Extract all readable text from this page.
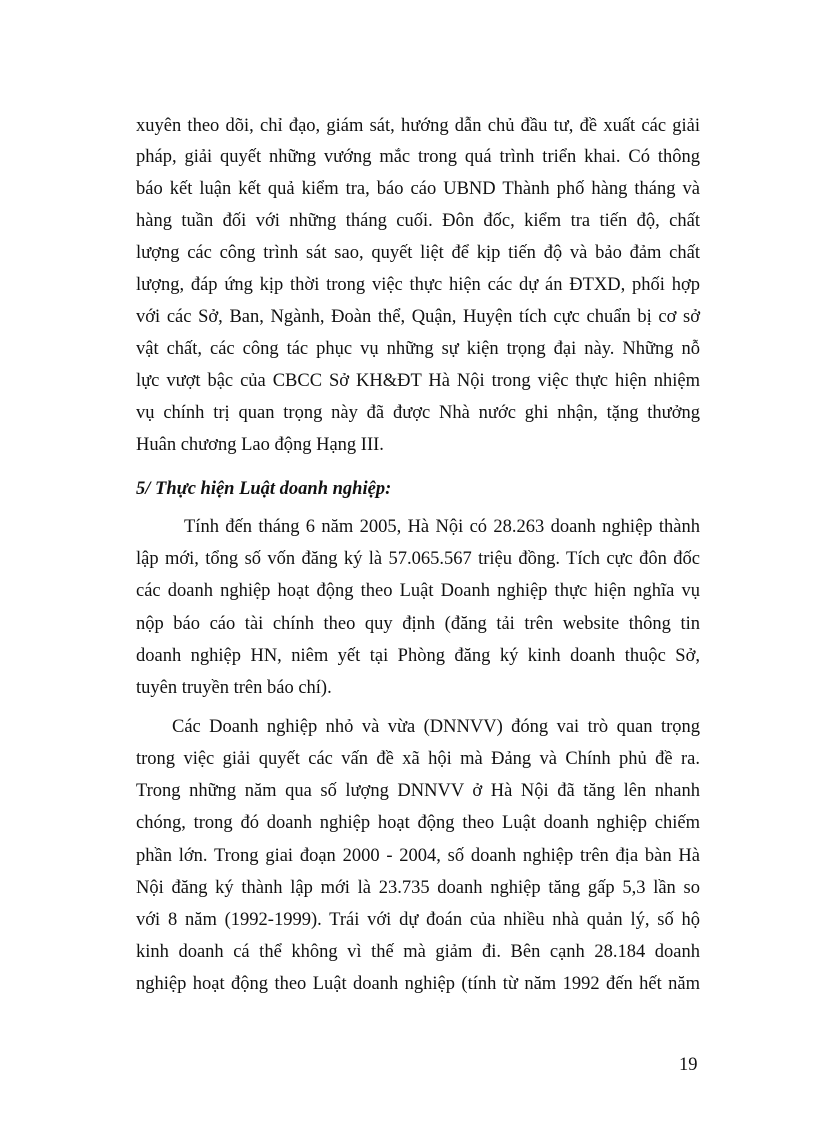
xuyên theo dõi, chỉ đạo, giám sát, hướng dẫn chủ đầu tư, đề xuất các giải
pháp, giải quyết những vướng mắc trong quá trình triển khai. Có thông
báo kết luận kết quả kiểm tra, báo cáo UBND Thành phố hàng tháng và
hàng tuần đối với những tháng cuối. Đôn đốc, kiểm tra tiến độ, chất
lượng các công trình sát sao, quyết liệt để kịp tiến độ và bảo đảm chất
lượng, đáp ứng kịp thời trong việc thực hiện các dự án ĐTXD, phối hợp
với các Sở, Ban, Ngành, Đoàn thể, Quận, Huyện tích cực chuẩn bị cơ sở
vật chất, các công tác phục vụ những sự kiện trọng đại này. Những nỗ
lực vượt bậc của CBCC Sở KH&ĐT Hà Nội trong việc thực hiện nhiệm
vụ chính trị quan trọng này đã được Nhà nước ghi nhận, tặng thưởng
Huân chương Lao động Hạng III.
5/ Thực hiện Luật doanh nghiệp:
Tính đến tháng 6 năm 2005, Hà Nội có 28.263 doanh nghiệp thành
lập mới, tổng số vốn đăng ký là 57.065.567 triệu đồng. Tích cực đôn đốc
các doanh nghiệp hoạt động theo Luật Doanh nghiệp thực hiện nghĩa vụ
nộp báo cáo tài chính theo quy định (đăng tải trên website thông tin
doanh nghiệp HN, niêm yết tại Phòng đăng ký kinh doanh thuộc Sở,
tuyên truyền trên báo chí).
Các Doanh nghiệp nhỏ và vừa (DNNVV) đóng vai trò quan trọng
trong việc giải quyết các vấn đề xã hội mà Đảng và Chính phủ đề ra.
Trong những năm qua số lượng DNNVV ở Hà Nội đã tăng lên nhanh
chóng, trong đó doanh nghiệp hoạt động theo Luật doanh nghiệp chiếm
phần lớn. Trong giai đoạn 2000 - 2004, số doanh nghiệp trên địa bàn Hà
Nội đăng ký thành lập mới là 23.735 doanh nghiệp tăng gấp 5,3 lần so
với 8 năm (1992-1999). Trái với dự đoán của nhiều nhà quản lý, số hộ
kinh doanh cá thể không vì thế mà giảm đi. Bên cạnh 28.184 doanh
nghiệp hoạt động theo Luật doanh nghiệp (tính từ năm 1992 đến hết năm
19
